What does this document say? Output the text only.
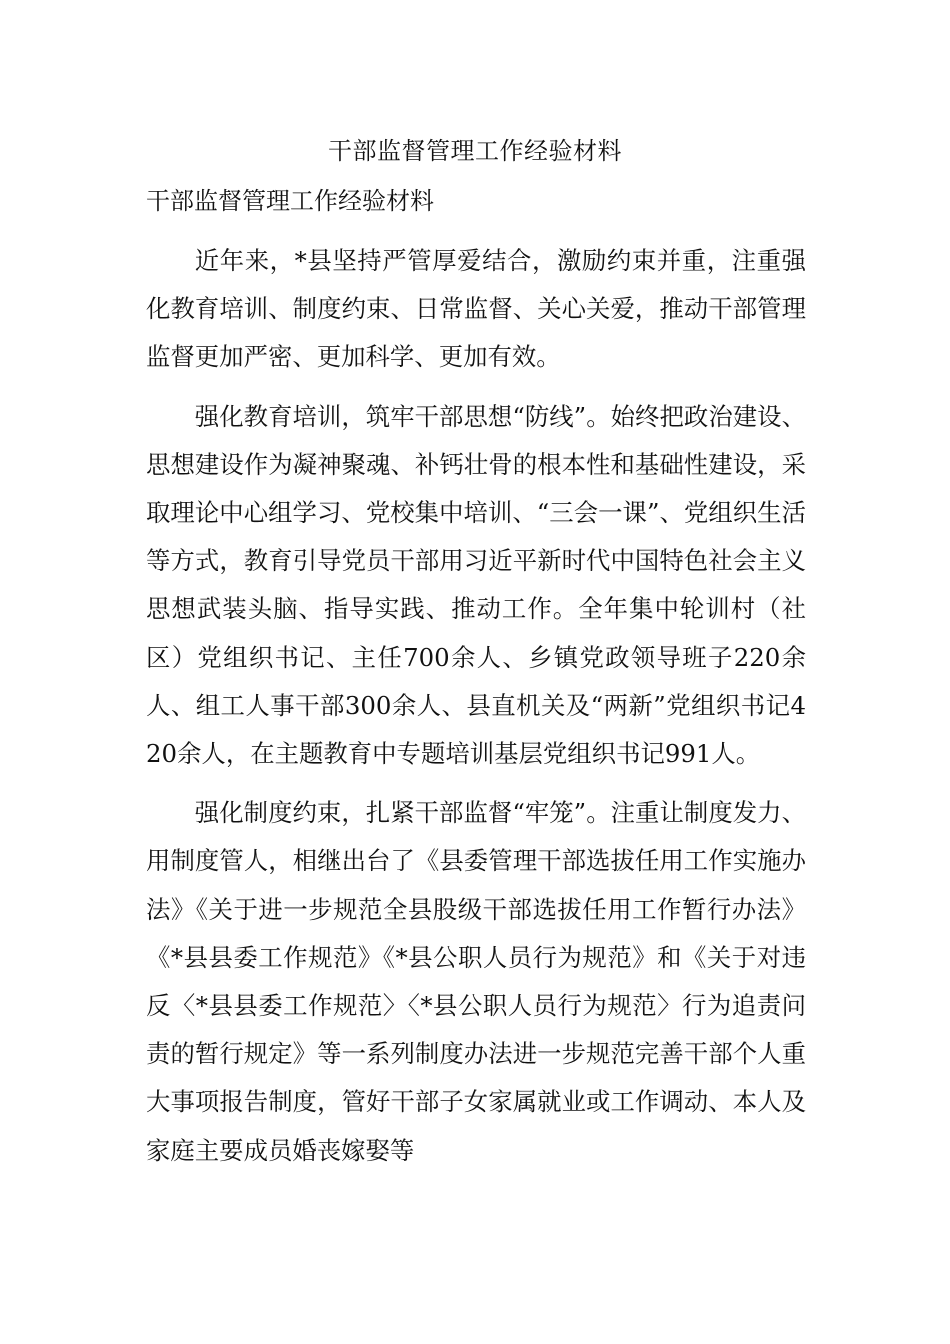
干部监督管理工作经验材料

干部监督管理工作经验材料

近年来，*县坚持严管厚爱结合，激励约束并重，注重强化教育培训、制度约束、日常监督、关心关爱，推动干部管理监督更加严密、更加科学、更加有效。

强化教育培训，筑牢干部思想“防线”。始终把政治建设、思想建设作为凝神聚魂、补钙壮骨的根本性和基础性建设，采取理论中心组学习、党校集中培训、“三会一课”、党组织生活等方式，教育引导党员干部用习近平新时代中国特色社会主义思想武装头脑、指导实践、推动工作。全年集中轮训村（社区）党组织书记、主任700余人、乡镇党政领导班子220余人、组工人事干部300余人、县直机关及“两新”党组织书记420余人，在主题教育中专题培训基层党组织书记991人。

强化制度约束，扎紧干部监督“牢笼”。注重让制度发力、用制度管人，相继出台了《县委管理干部选拔任用工作实施办法》《关于进一步规范全县股级干部选拔任用工作暂行办法》《*县县委工作规范》《*县公职人员行为规范》和《关于对违反〈*县县委工作规范〉〈*县公职人员行为规范〉行为追责问责的暂行规定》等一系列制度办法进一步规范完善干部个人重大事项报告制度，管好干部子女家属就业或工作调动、本人及家庭主要成员婚丧嫁娶等
